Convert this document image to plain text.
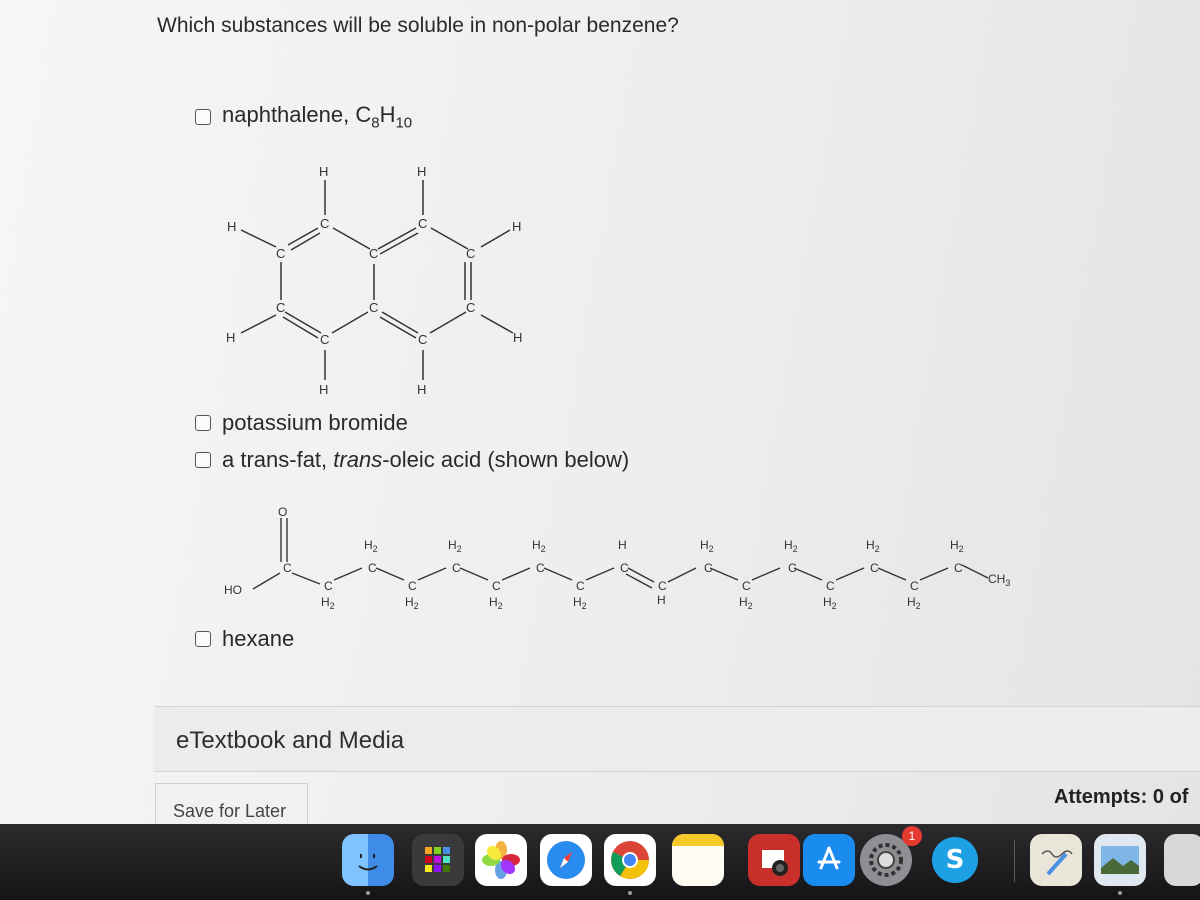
Which substances will be soluble in non-polar benzene?
naphthalene, $C_8H_{10}$
H	H
C	C
H	H
C	C	C
C	C	C
H	H
C	C
H	H
potassium bromide
a trans-fat, trans-oleic acid (shown below)
O
HO
C
$H_2$
C
$H_2$
C
$H_2$
C
H
C
$H_2$
C
$H_2$
C
$H_2$
C
$H_2$
C
C
$H_2$
C
$H_2$
C
$H_2$
C
$H_2$
C
H
C
$H_2$
C
$H_2$
C
$H_2$
$CH_3$
hexane
eTextbook and Media
Save for Later
Attempts: 0 of
1
S
